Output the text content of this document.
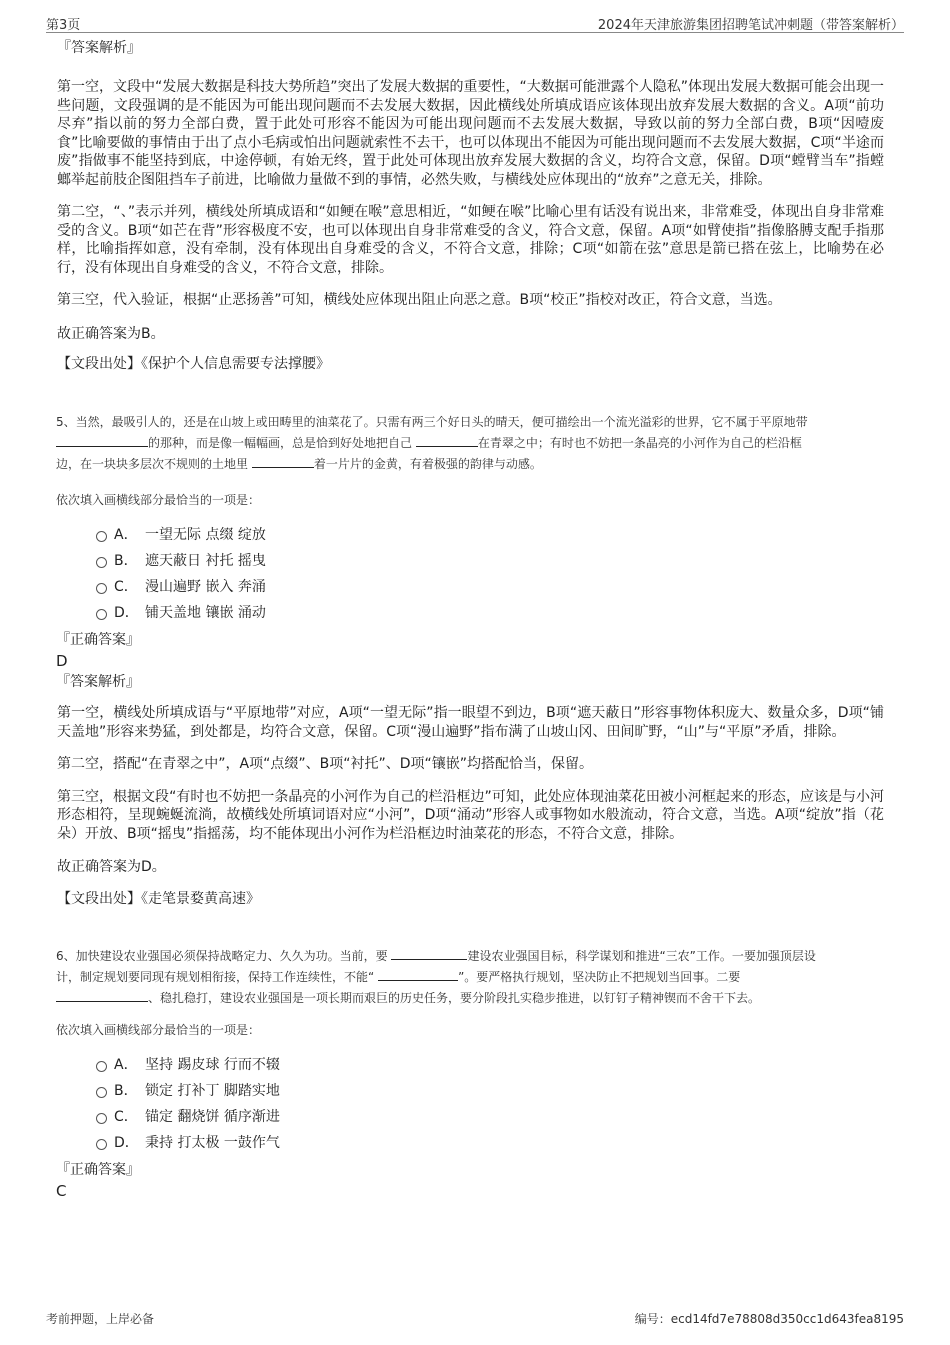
第3页	2024年天津旅游集团招聘笔试冲刺题（带答案解析）
『答案解析』

第一空，文段中“发展大数据是科技大势所趋”突出了发展大数据的重要性，“大数据可能泄露个人隐私”体现出发展大数据可能会出现一些问题，文段强调的是不能因为可能出现问题而不去发展大数据，因此横线处所填成语应该体现出放弃发展大数据的含义。A项“前功尽弃”指以前的努力全部白费，置于此处可形容不能因为可能出现问题而不去发展大数据，导致以前的努力全部白费，B项“因噎废食”比喻要做的事情由于出了点小毛病或怕出问题就索性不去干，也可以体现出不能因为可能出现问题而不去发展大数据，C项“半途而废”指做事不能坚持到底，中途停顿，有始无终，置于此处可体现出放弃发展大数据的含义，均符合文意，保留。D项“螳臂当车”指螳螂举起前肢企图阻挡车子前进，比喻做力量做不到的事情，必然失败，与横线处应体现出的“放弃”之意无关，排除。

第二空，“、”表示并列，横线处所填成语和“如鲠在喉”意思相近，“如鲠在喉”比喻心里有话没有说出来，非常难受，体现出自身非常难受的含义。B项“如芒在背”形容极度不安，也可以体现出自身非常难受的含义，符合文意，保留。A项“如臂使指”指像胳膊支配手指那样，比喻指挥如意，没有牵制，没有体现出自身难受的含义，不符合文意，排除；C项“如箭在弦”意思是箭已搭在弦上，比喻势在必行，没有体现出自身难受的含义，不符合文意，排除。

第三空，代入验证，根据“止恶扬善”可知，横线处应体现出阻止向恶之意。B项“校正”指校对改正，符合文意，当选。

故正确答案为B。

【文段出处】《保护个人信息需要专法撑腰》

5、当然，最吸引人的，还是在山坡上或田畴里的油菜花了。只需有两三个好日头的晴天，便可描绘出一个流光溢彩的世界，它不属于平原地带
的那种，而是像一幅幅画，总是恰到好处地把自己	在青翠之中；有时也不妨把一条晶亮的小河作为自己的栏沿框
边，在一块块多层次不规则的土地里	着一片片的金黄，有着极强的韵律与动感。
依次填入画横线部分最恰当的一项是：
A． 一望无际 点缀 绽放
B． 遮天蔽日 衬托 摇曳
C． 漫山遍野 嵌入 奔涌
D． 铺天盖地 镶嵌 涌动
『正确答案』
D
『答案解析』

第一空，横线处所填成语与“平原地带”对应，A项“一望无际”指一眼望不到边，B项“遮天蔽日”形容事物体积庞大、数量众多，D项“铺天盖地”形容来势猛，到处都是，均符合文意，保留。C项“漫山遍野”指布满了山坡山冈、田间旷野，“山”与“平原”矛盾，排除。

第二空，搭配“在青翠之中”，A项“点缀”、B项“衬托”、D项“镶嵌”均搭配恰当，保留。

第三空，根据文段“有时也不妨把一条晶亮的小河作为自己的栏沿框边”可知，此处应体现油菜花田被小河框起来的形态，应该是与小河形态相符，呈现蜿蜒流淌，故横线处所填词语对应“小河”，D项“涌动”形容人或事物如水般流动，符合文意，当选。A项“绽放”指（花朵）开放、B项“摇曳”指摇荡，均不能体现出小河作为栏沿框边时油菜花的形态，不符合文意，排除。

故正确答案为D。

【文段出处】《走笔景婺黄高速》

6、加快建设农业强国必须保持战略定力、久久为功。当前，要	建设农业强国目标，科学谋划和推进“三农”工作。一要加强顶层设
计，制定规划要同现有规划相衔接，保持工作连续性，不能“	”。要严格执行规划，坚决防止不把规划当回事。二要
、稳扎稳打，建设农业强国是一项长期而艰巨的历史任务，要分阶段扎实稳步推进，以钉钉子精神锲而不舍干下去。
依次填入画横线部分最恰当的一项是：
A． 坚持 踢皮球 行而不辍
B． 锁定 打补丁 脚踏实地
C． 锚定 翻烧饼 循序渐进
D． 秉持 打太极 一鼓作气
『正确答案』
C
考前押题，上岸必备	编号：ecd14fd7e78808d350cc1d643fea8195
